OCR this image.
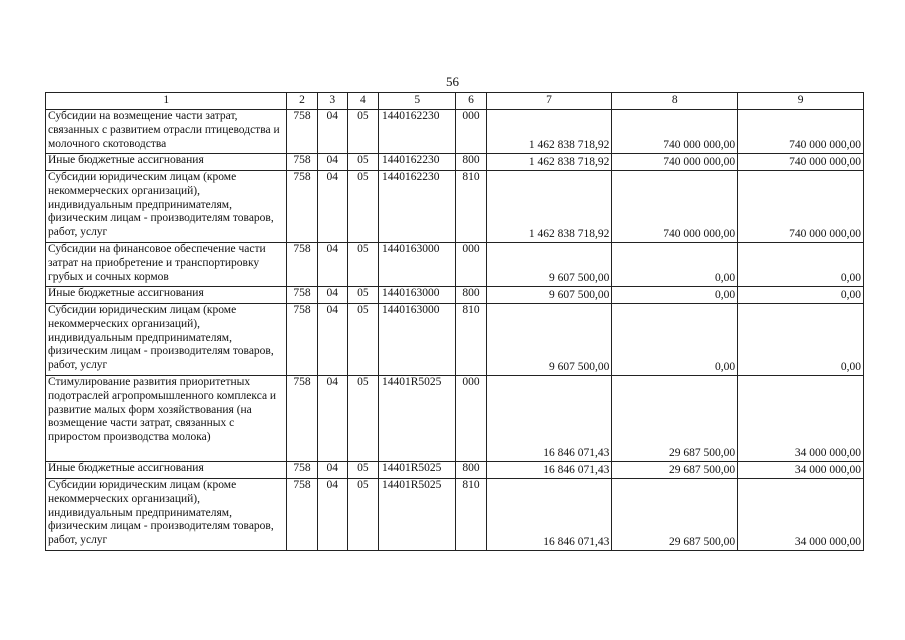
56
1	2	3	4	5	6	7	8	9
Субсидии на возмещение части затрат, связанных с развитием отрасли птицеводства и молочного скотоводства	758	04	05	1440162230	000	1 462 838 718,92	740 000 000,00	740 000 000,00
Иные бюджетные ассигнования	758	04	05	1440162230	800	1 462 838 718,92	740 000 000,00	740 000 000,00
Субсидии юридическим лицам (кроме некоммерческих организаций), индивидуальным предпринимателям, физическим лицам - производителям товаров, работ, услуг	758	04	05	1440162230	810	1 462 838 718,92	740 000 000,00	740 000 000,00
Субсидии на финансовое обеспечение части затрат на приобретение и транспортировку грубых и сочных кормов	758	04	05	1440163000	000	9 607 500,00	0,00	0,00
Иные бюджетные ассигнования	758	04	05	1440163000	800	9 607 500,00	0,00	0,00
Субсидии юридическим лицам (кроме некоммерческих организаций), индивидуальным предпринимателям, физическим лицам - производителям товаров, работ, услуг	758	04	05	1440163000	810	9 607 500,00	0,00	0,00
Стимулирование развития приоритетных подотраслей агропромышленного комплекса и развитие малых форм хозяйствования (на возмещение части затрат, связанных с приростом производства молока)	758	04	05	14401R5025	000	16 846 071,43	29 687 500,00	34 000 000,00
Иные бюджетные ассигнования	758	04	05	14401R5025	800	16 846 071,43	29 687 500,00	34 000 000,00
Субсидии юридическим лицам (кроме некоммерческих организаций), индивидуальным предпринимателям, физическим лицам - производителям товаров, работ, услуг	758	04	05	14401R5025	810	16 846 071,43	29 687 500,00	34 000 000,00
